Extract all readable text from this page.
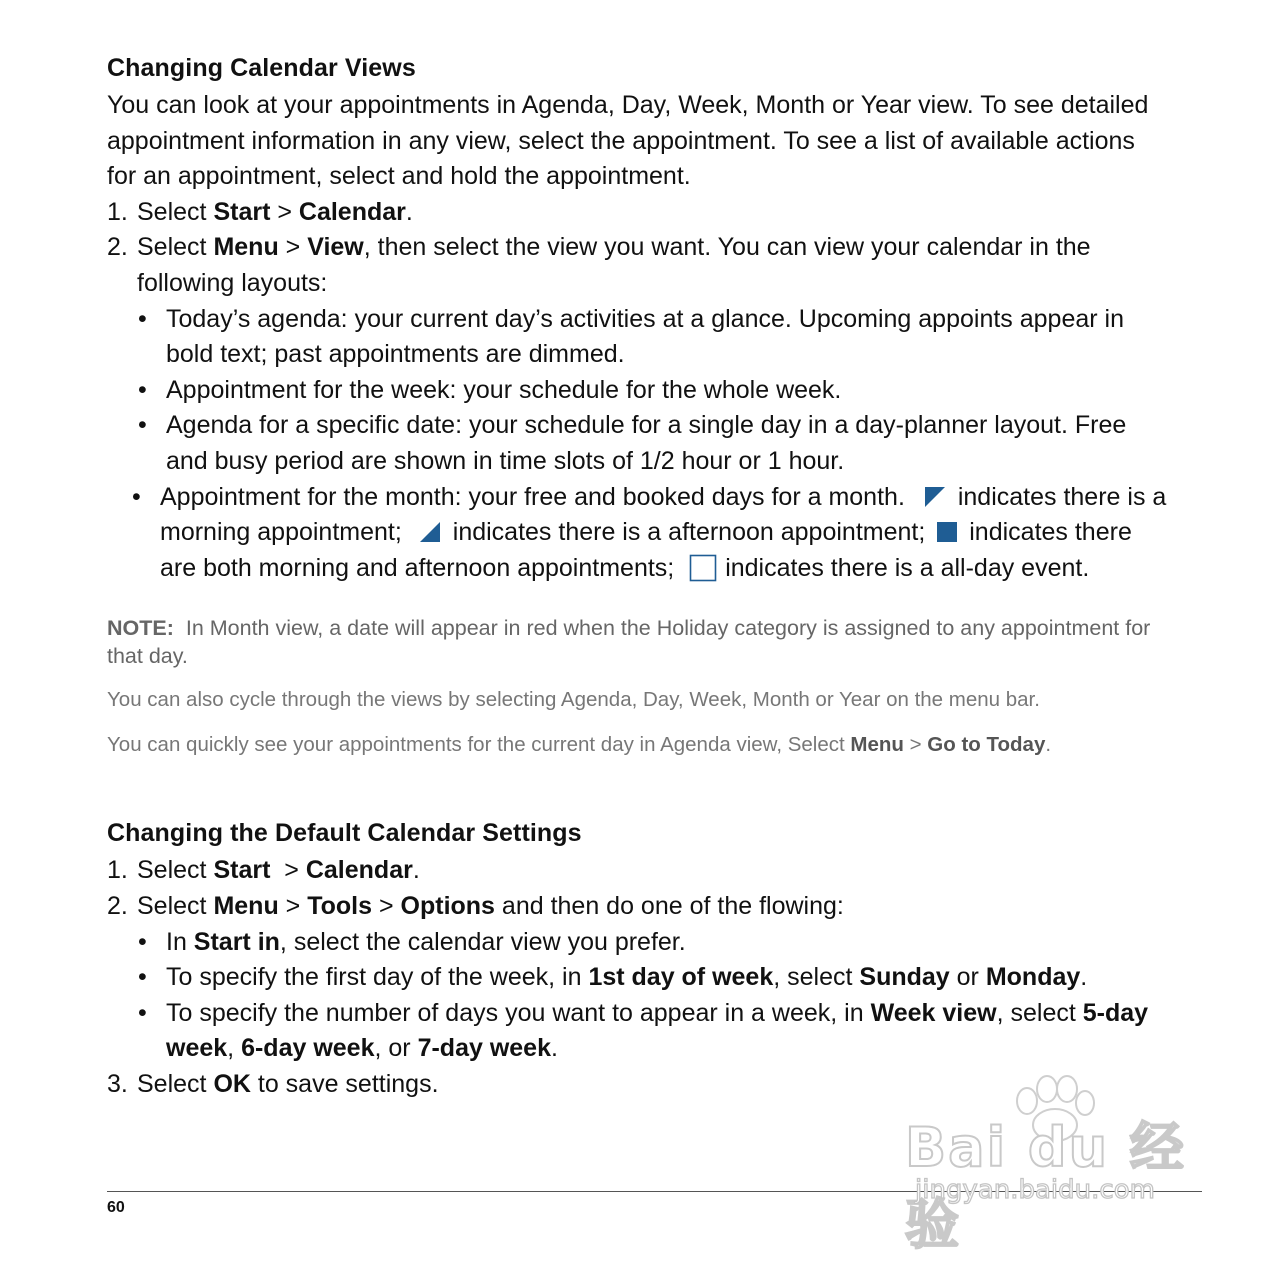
Changing Calendar Views

You can look at your appointments in Agenda, Day, Week, Month or Year view. To see detailed appointment information in any view, select the appointment. To see a list of available actions for an appointment, select and hold the appointment.

1. Select Start > Calendar.
2. Select Menu > View, then select the view you want. You can view your calendar in the following layouts:
• Today’s agenda: your current day’s activities at a glance. Upcoming appoints appear in bold text; past appointments are dimmed.
• Appointment for the week: your schedule for the whole week.
• Agenda for a specific date: your schedule for a single day in a day-planner layout. Free and busy period are shown in time slots of 1/2 hour or 1 hour.
• Appointment for the month: your free and booked days for a month. indicates there is a morning appointment; indicates there is a afternoon appointment; indicates there are both morning and afternoon appointments; indicates there is a all-day event.

NOTE: In Month view, a date will appear in red when the Holiday category is assigned to any appointment for that day.

You can also cycle through the views by selecting Agenda, Day, Week, Month or Year on the menu bar.

You can quickly see your appointments for the current day in Agenda view, Select Menu > Go to Today.

Changing the Default Calendar Settings
1. Select Start  > Calendar.
2. Select Menu > Tools > Options and then do one of the flowing:
• In Start in, select the calendar view you prefer.
• To specify the first day of the week, in 1st day of week, select Sunday or Monday.
• To specify the number of days you want to appear in a week, in Week view, select 5-day week, 6-day week, or 7-day week.
3. Select OK to save settings.
60
Bai du 经验
jingyan.baidu.com
